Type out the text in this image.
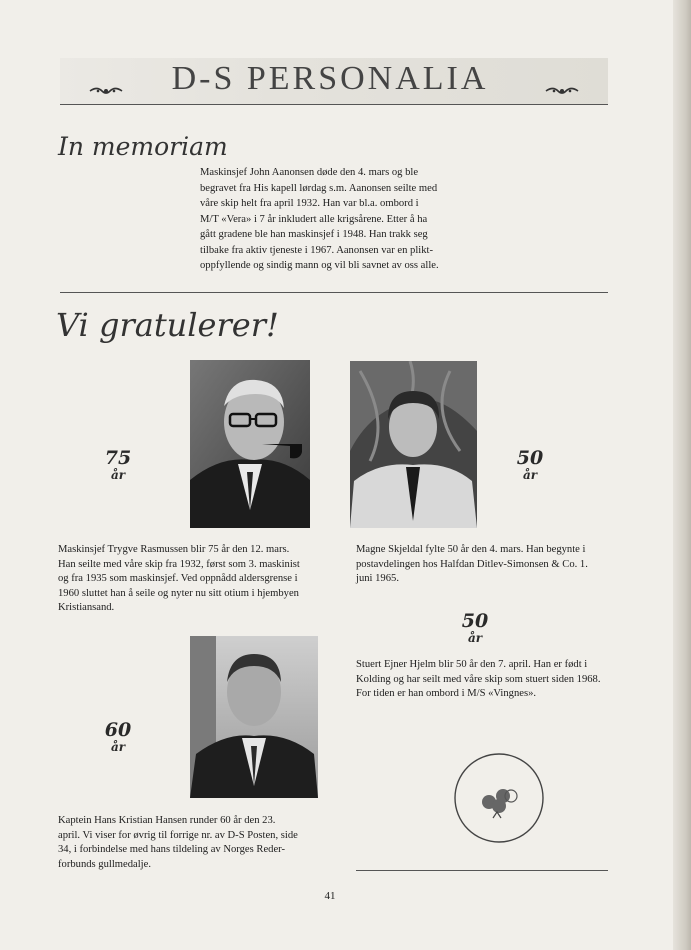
D-S PERSONALIA
In memoriam
Maskinsjef John Aanonsen døde den 4. mars og ble
begravet fra His kapell lørdag s.m. Aanonsen seilte med
våre skip helt fra april 1932. Han var bl.a. ombord i
M/T «Vera» i 7 år inkludert alle krigsårene. Etter å ha
gått gradene ble han maskinsjef i 1948. Han trakk seg
tilbake fra aktiv tjeneste i 1967. Aanonsen var en plikt-
oppfyllende og sindig mann og vil bli savnet av oss alle.
Vi gratulerer!
75
år
Maskinsjef Trygve Rasmussen blir 75 år den 12. mars.
Han seilte med våre skip fra 1932, først som 3. maskinist
og fra 1935 som maskinsjef. Ved oppnådd aldersgrense i
1960 sluttet han å seile og nyter nu sitt otium i hjembyen
Kristiansand.
50
år
Magne Skjeldal fylte 50 år den 4. mars. Han begynte i
postavdelingen hos Halfdan Ditlev-Simonsen & Co. 1.
juni 1965.
50
år
Stuert Ejner Hjelm blir 50 år den 7. april. Han er født i
Kolding og har seilt med våre skip som stuert siden 1968.
For tiden er han ombord i M/S «Vingnes».
60
år
Kaptein Hans Kristian Hansen runder 60 år den 23.
april. Vi viser for øvrig til forrige nr. av D-S Posten, side
34, i forbindelse med hans tildeling av Norges Reder-
forbunds gullmedalje.
41
